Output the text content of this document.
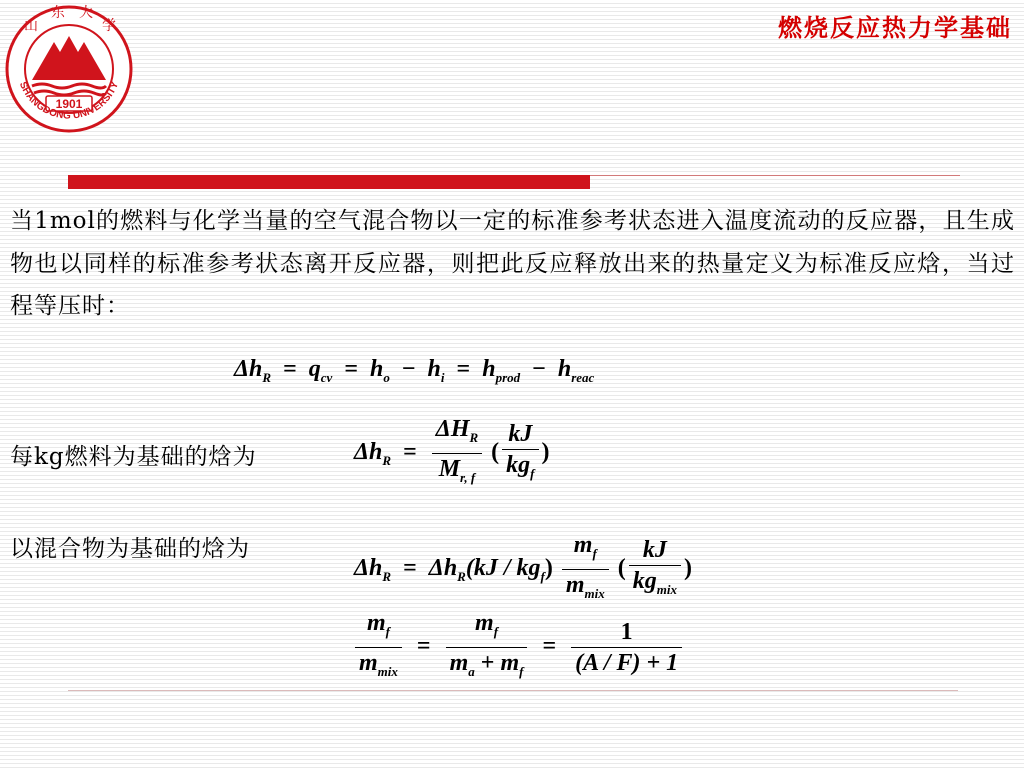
1901
山
东 大
学
SHANGDONG UNIVERSITY
燃烧反应热力学基础
当1mol的燃料与化学当量的空气混合物以一定的标准参考状态进入温度流动的反应器，且生成物也以同样的标准参考状态离开反应器，则把此反应释放出来的热量定义为标准反应焓，当过程等压时：
ΔhR = qcv = ho − hi = hprod − hreac
每kg燃料为基础的焓为	$\Delta hR = \frac{\text{ΔHR}}{Mr, f}$ ( $\frac{kJ}{\text{kgf}}$ )
以混合物为基础的焓为
$\Delta hR = \Delta hR(kJ / kgf) \frac{mf}{\text{mmix}}$ ( $\frac{kJ}{\text{kgmix}}$ )
$\frac{mf}{\text{mmix}} = \frac{mf}{ma + mf} = \frac{1}{(A / F) + 1}$
